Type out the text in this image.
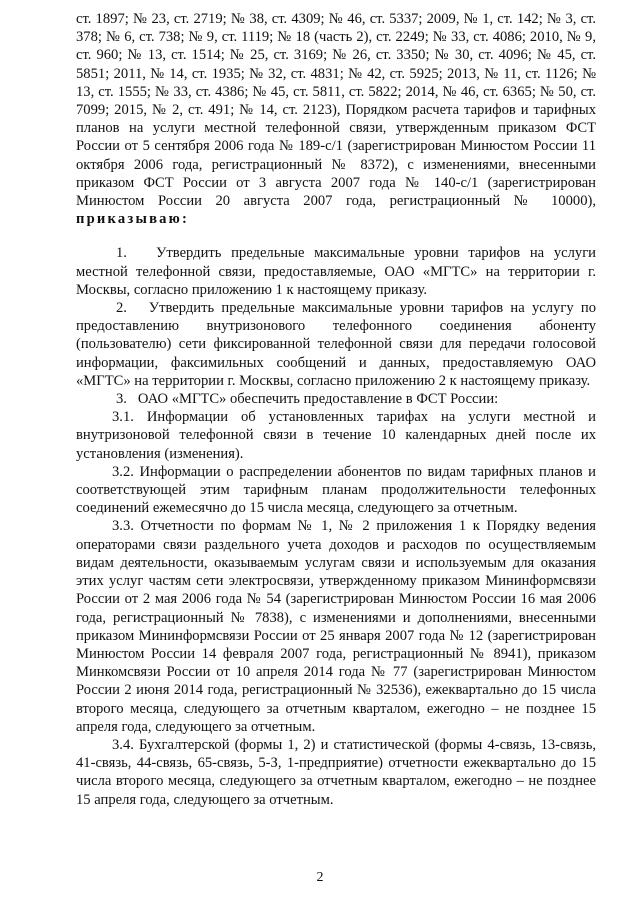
ст. 1897; № 23, ст. 2719; № 38, ст. 4309; № 46, ст. 5337; 2009, № 1, ст. 142; № 3, ст. 378; № 6, ст. 738; № 9, ст. 1119; № 18 (часть 2), ст. 2249; № 33, ст. 4086; 2010, № 9, ст. 960; № 13, ст. 1514; № 25, ст. 3169; № 26, ст. 3350; № 30, ст. 4096; № 45, ст. 5851; 2011, № 14, ст. 1935; № 32, ст. 4831; № 42, ст. 5925; 2013, № 11, ст. 1126; № 13, ст. 1555; № 33, ст. 4386; № 45, ст. 5811, ст. 5822; 2014, № 46, ст. 6365; № 50, ст. 7099; 2015, № 2, ст. 491; № 14, ст. 2123), Порядком расчета тарифов и тарифных планов на услуги местной телефонной связи, утвержденным приказом ФСТ России от 5 сентября 2006 года № 189-с/1 (зарегистрирован Минюстом России 11 октября 2006 года, регистрационный № 8372), с изменениями, внесенными приказом ФСТ России от 3 августа 2007 года № 140-с/1 (зарегистрирован Минюстом России 20 августа 2007 года, регистрационный № 10000), приказываю:

1.   Утвердить предельные максимальные уровни тарифов на услуги местной телефонной связи, предоставляемые, ОАО «МГТС» на территории г. Москвы, согласно приложению 1 к настоящему приказу.

2.   Утвердить предельные максимальные уровни тарифов на услугу по предоставлению внутризонового телефонного соединения абоненту (пользователю) сети фиксированной телефонной связи для передачи голосовой информации, факсимильных сообщений и данных, предоставляемую ОАО «МГТС» на территории г. Москвы, согласно приложению 2 к настоящему приказу.

3.   ОАО «МГТС» обеспечить предоставление в ФСТ России:

3.1. Информации об установленных тарифах на услуги местной и внутризоновой телефонной связи в течение 10 календарных дней после их установления (изменения).

3.2. Информации о распределении абонентов по видам тарифных планов и соответствующей этим тарифным планам продолжительности телефонных соединений ежемесячно до 15 числа месяца, следующего за отчетным.

3.3. Отчетности по формам № 1, № 2 приложения 1 к Порядку ведения операторами связи раздельного учета доходов и расходов по осуществляемым видам деятельности, оказываемым услугам связи и используемым для оказания этих услуг частям сети электросвязи, утвержденному приказом Мининформсвязи России от 2 мая 2006 года № 54 (зарегистрирован Минюстом России 16 мая 2006 года, регистрационный № 7838), с изменениями и дополнениями, внесенными приказом Мининформсвязи России от 25 января 2007 года № 12 (зарегистрирован Минюстом России 14 февраля 2007 года, регистрационный № 8941), приказом Минкомсвязи России от 10 апреля 2014 года № 77 (зарегистрирован Минюстом России 2 июня 2014 года, регистрационный № 32536), ежеквартально до 15 числа второго месяца, следующего за отчетным кварталом, ежегодно – не позднее 15 апреля года, следующего за отчетным.

3.4. Бухгалтерской (формы 1, 2) и статистической (формы 4-связь, 13-связь, 41-связь, 44-связь, 65-связь, 5-З, 1-предприятие) отчетности ежеквартально до 15 числа второго месяца, следующего за отчетным кварталом, ежегодно – не позднее 15 апреля года, следующего за отчетным.

2
